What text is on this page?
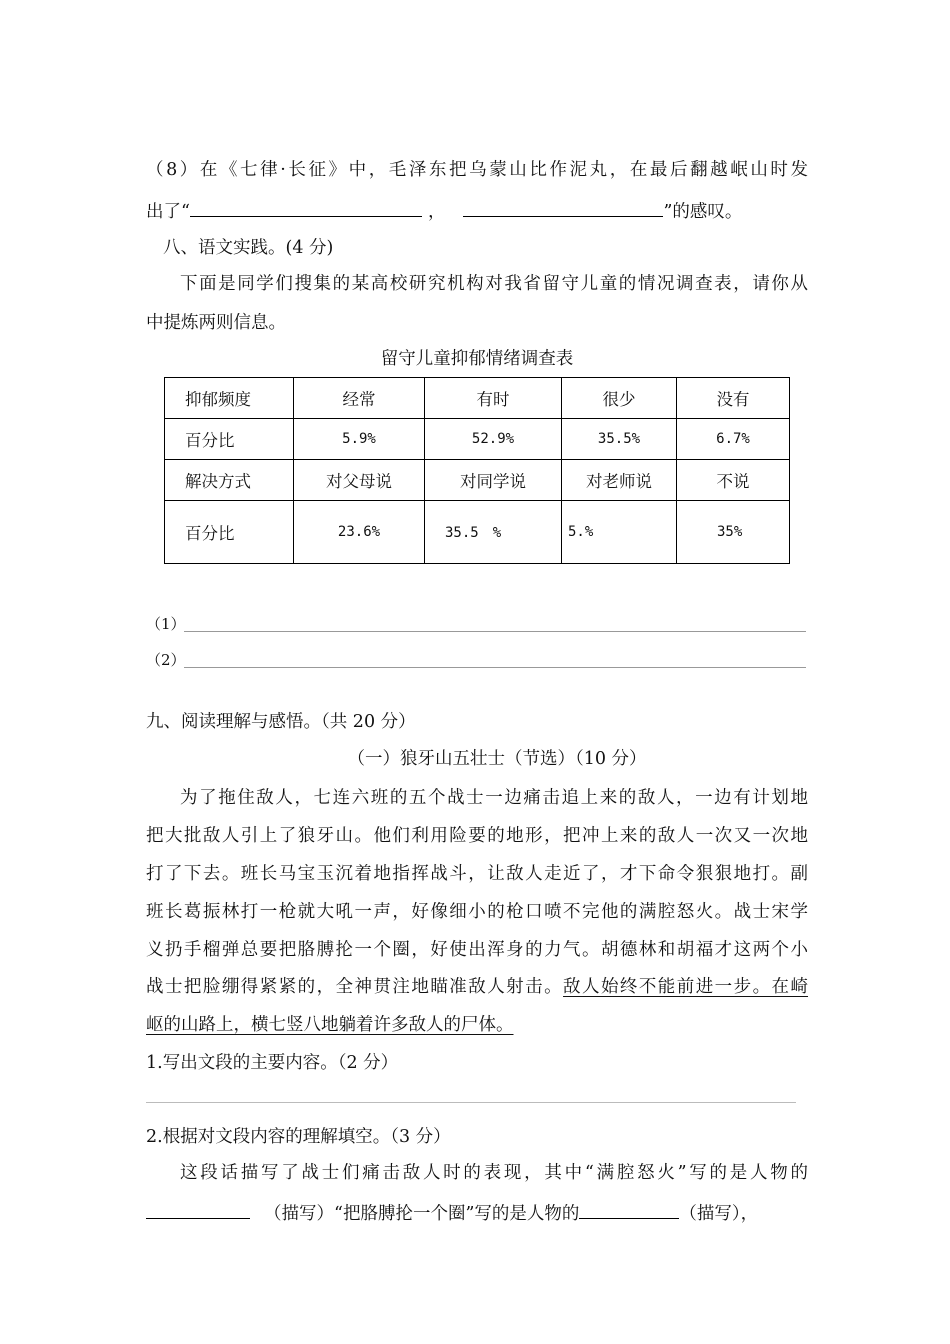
（8）在《七律·长征》中，毛泽东把乌蒙山比作泥丸，在最后翻越岷山时发
出了“	，	”的感叹。
八、语文实践。(4 分)
下面是同学们搜集的某高校研究机构对我省留守儿童的情况调查表，请你从
中提炼两则信息。
留守儿童抑郁情绪调查表
抑郁频度	经常	有时	很少	没有
百分比	5.9%	52.9%	35.5%	6.7%
解决方式	对父母说	对同学说	对老师说	不说
百分比	23.6%	35.5　%	5.%	35%
（1）
（2）
九、阅读理解与感悟。（共 20 分）
（一）狼牙山五壮士（节选）（10 分）
为了拖住敌人，七连六班的五个战士一边痛击追上来的敌人，一边有计划地
把大批敌人引上了狼牙山。他们利用险要的地形，把冲上来的敌人一次又一次地
打了下去。班长马宝玉沉着地指挥战斗，让敌人走近了，才下命令狠狠地打。副
班长葛振林打一枪就大吼一声，好像细小的枪口喷不完他的满腔怒火。战士宋学
义扔手榴弹总要把胳膊抡一个圈，好使出浑身的力气。胡德林和胡福才这两个小
战士把脸绷得紧紧的，全神贯注地瞄准敌人射击。敌人始终不能前进一步。在崎
岖的山路上，横七竖八地躺着许多敌人的尸体。
1.写出文段的主要内容。（2 分）
2.根据对文段内容的理解填空。（3 分）
这段话描写了战士们痛击敌人时的表现，其中“满腔怒火”写的是人物的
（描写）“把胳膊抡一个圈”写的是人物的	（描写），
